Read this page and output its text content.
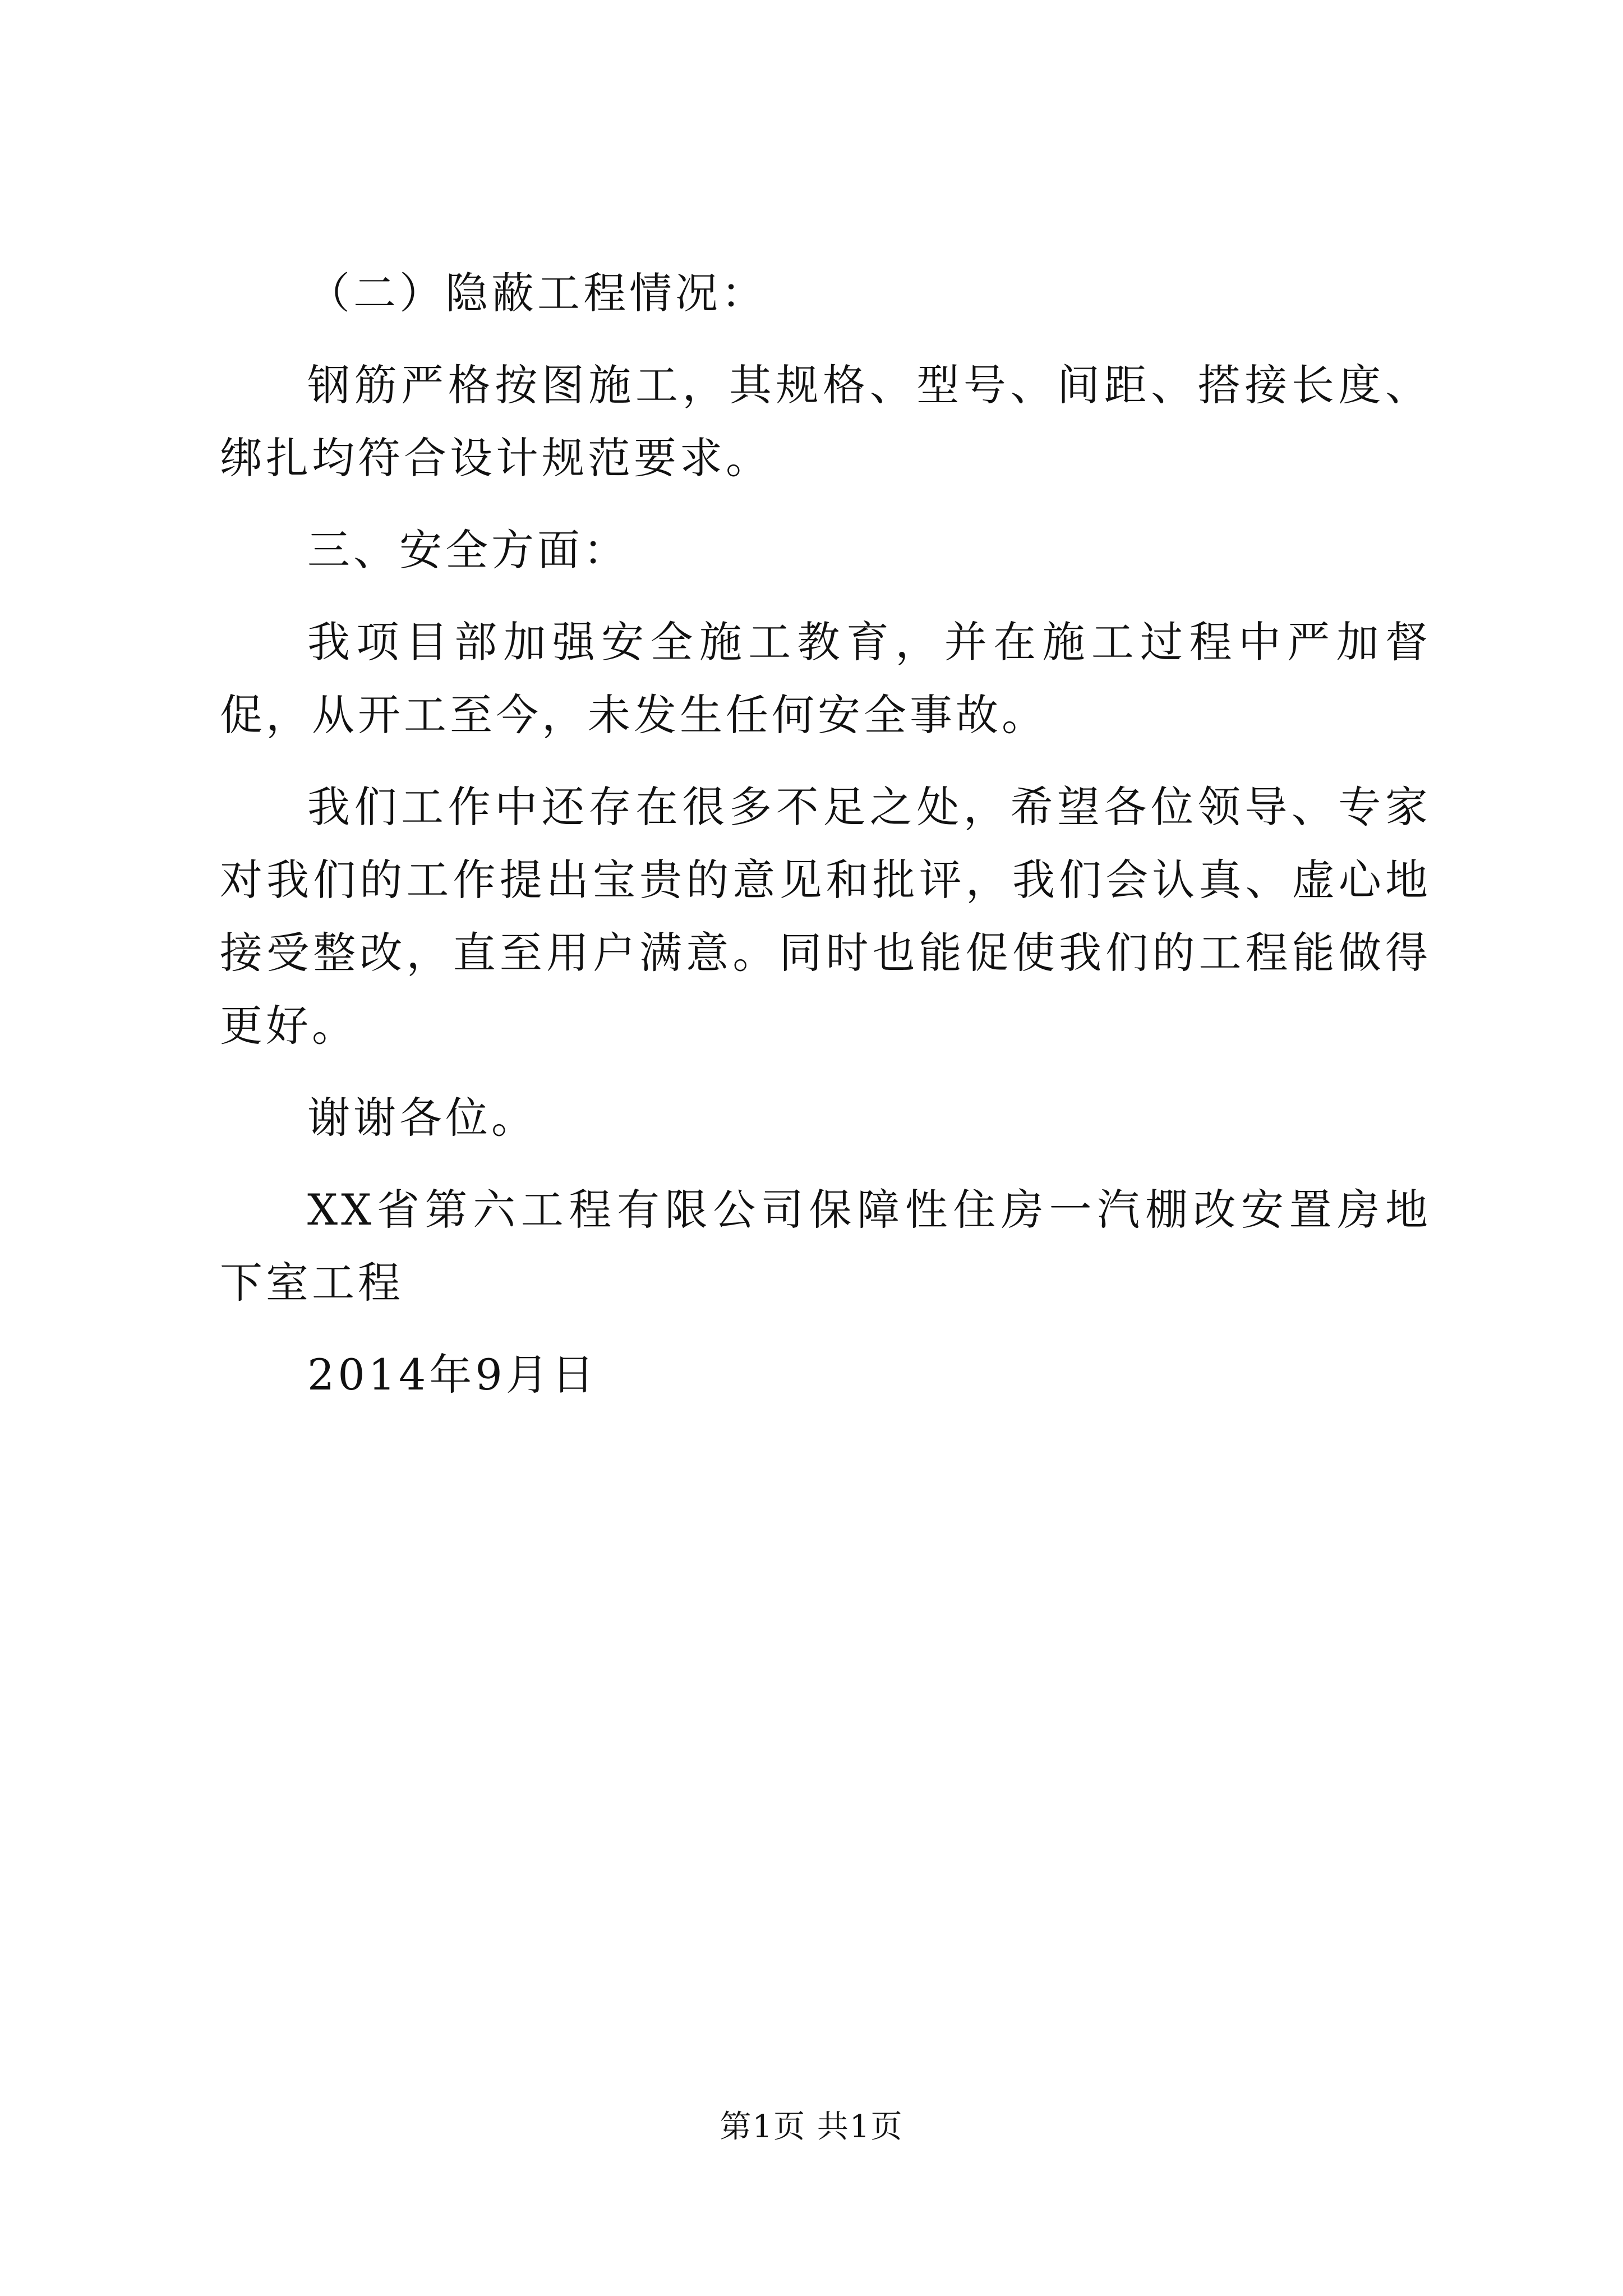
（二）隐蔽工程情况：

钢筋严格按图施工，其规格、型号、间距、搭接长度、绑扎均符合设计规范要求。

三、安全方面：

我项目部加强安全施工教育，并在施工过程中严加督促，从开工至今，未发生任何安全事故。

我们工作中还存在很多不足之处，希望各位领导、专家对我们的工作提出宝贵的意见和批评，我们会认真、虚心地接受整改，直至用户满意。同时也能促使我们的工程能做得更好。

谢谢各位。

XX省第六工程有限公司保障性住房一汽棚改安置房地下室工程

2014年9月日

第1页 共1页
